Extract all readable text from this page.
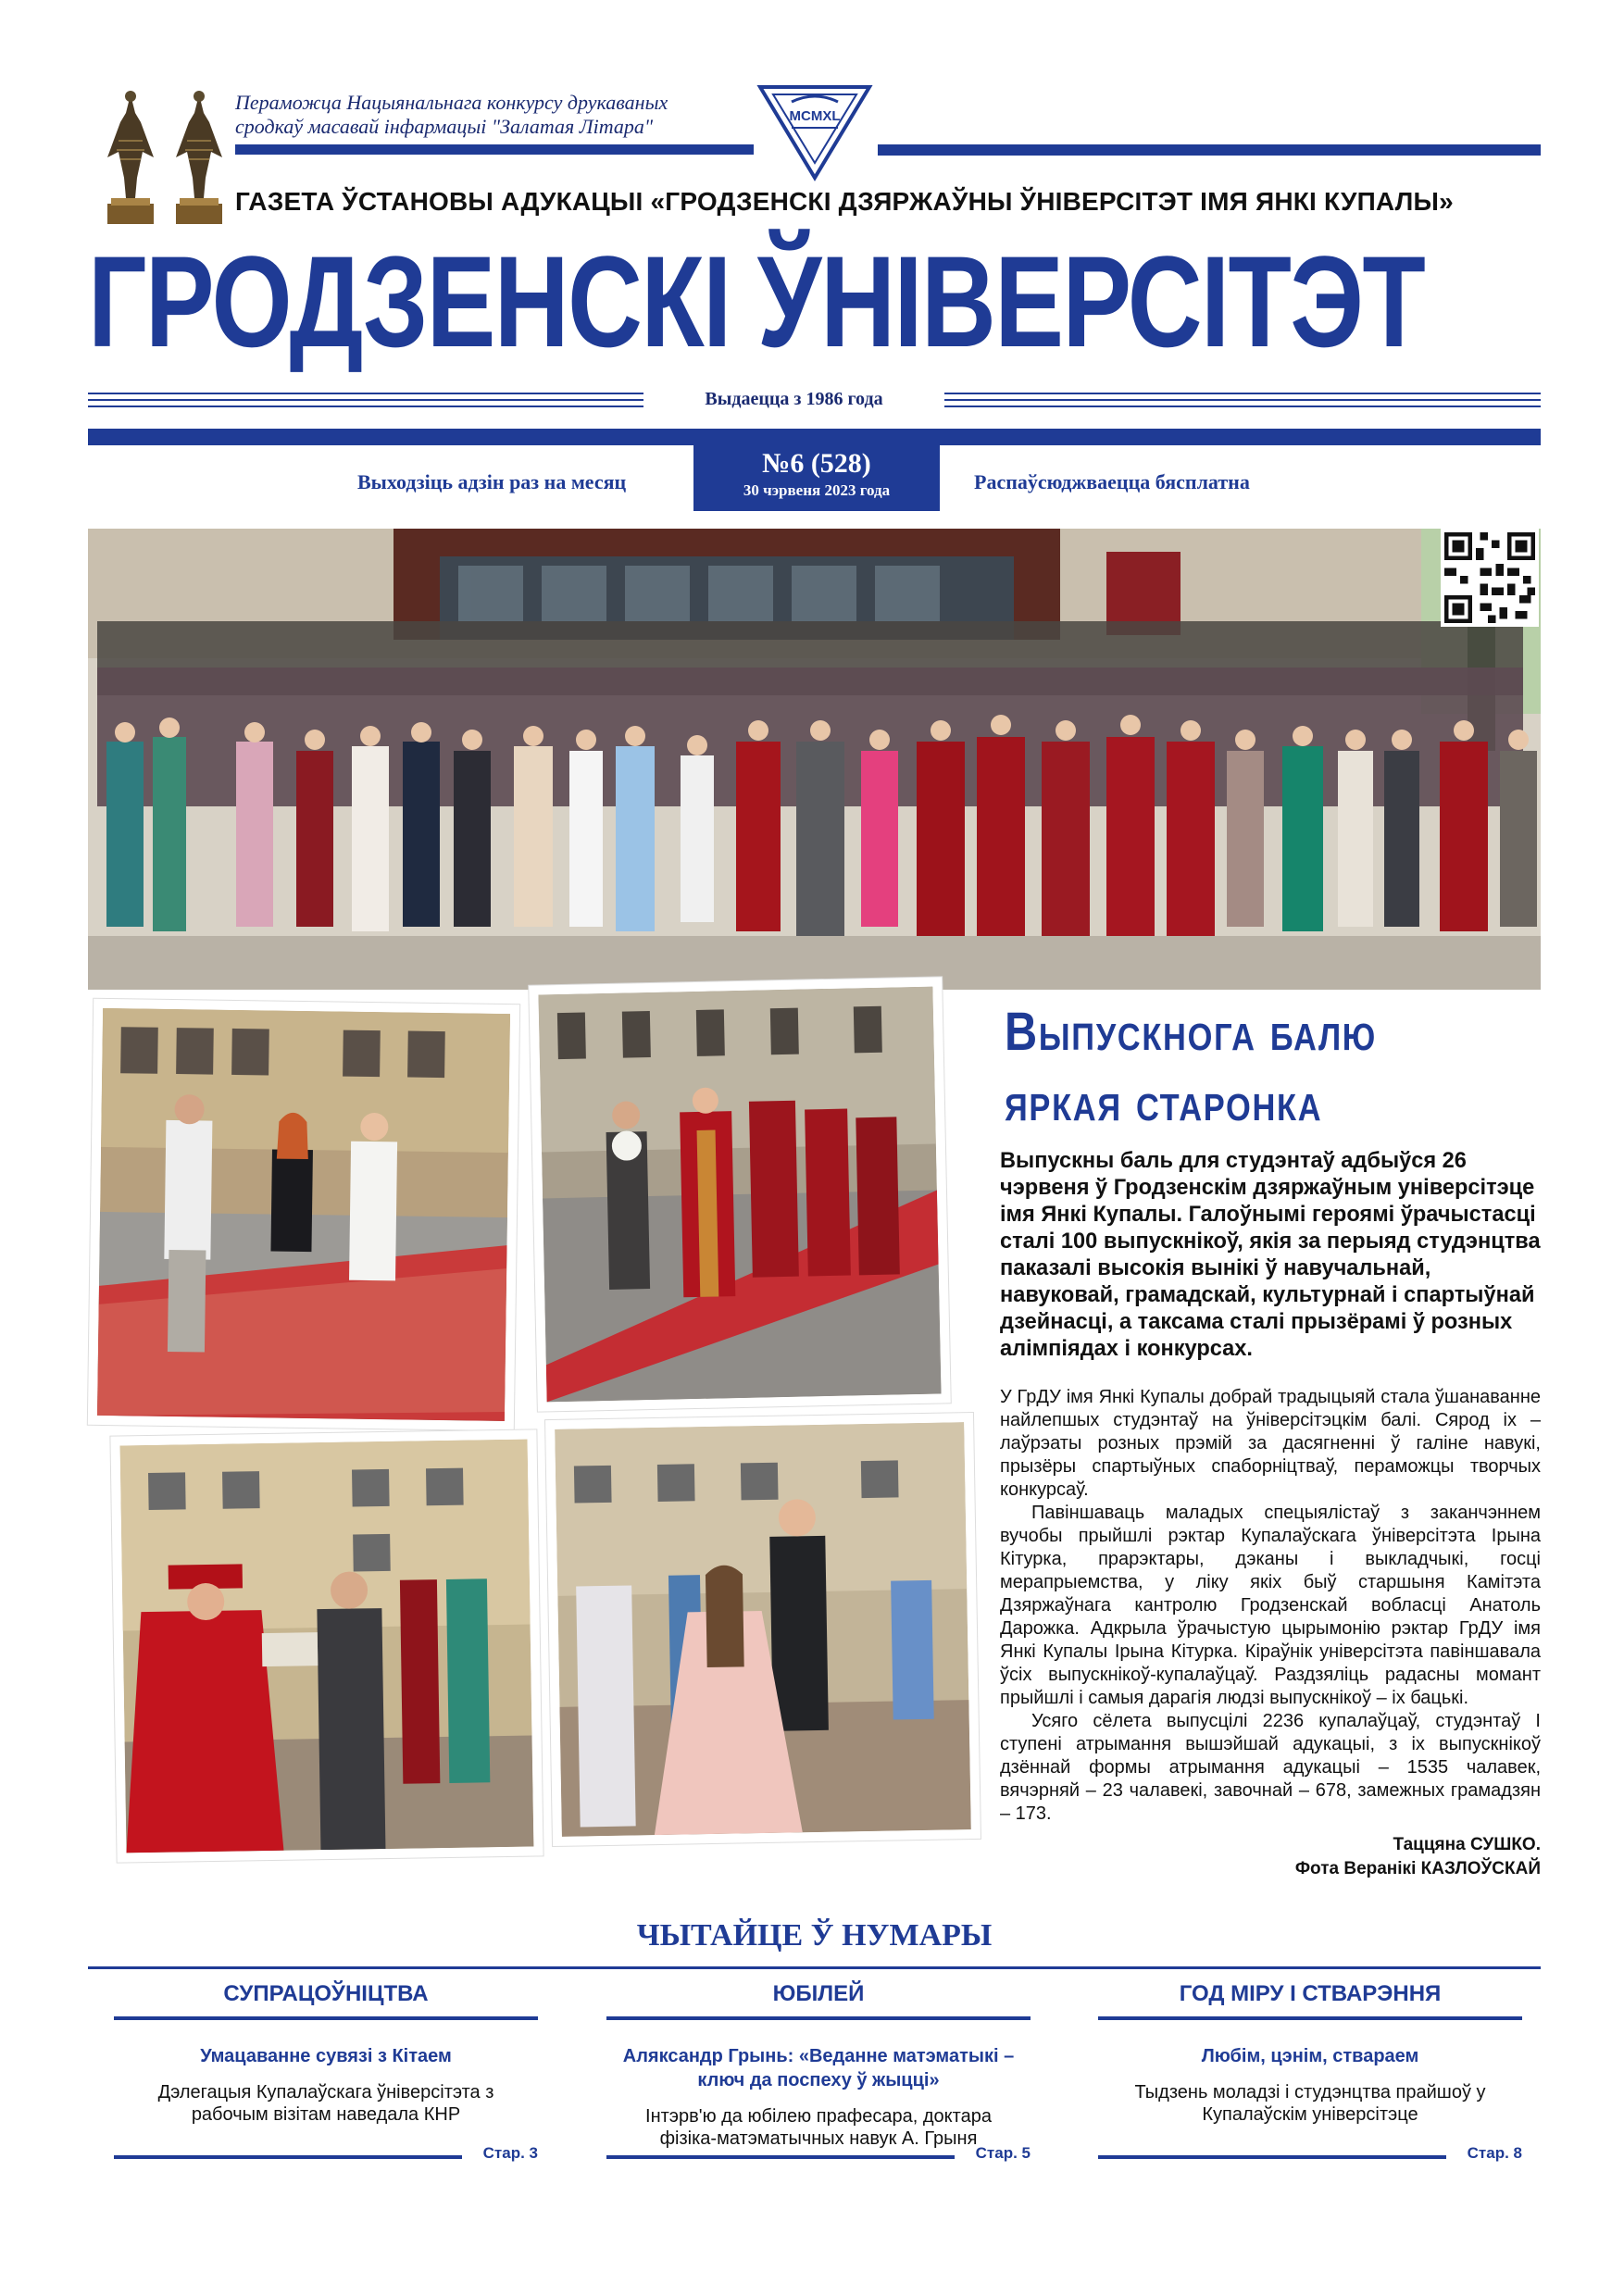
Пераможца Нацыянальнага конкурсу друкаваных
сродкаў масавай інфармацыі "Залатая Літара"	MCMXL
ГАЗЕТА ЎСТАНОВЫ АДУКАЦЫІ «ГРОДЗЕНСКІ ДЗЯРЖАЎНЫ ЎНІВЕРСІТЭТ ІМЯ ЯНКІ КУПАЛЫ»
ГРОДЗЕНСКІ ЎНІВЕРСІТЭТ
Выдаецца з 1986 года
№6 (528)
30 чэрвеня 2023 года
Выходзіць адзін раз на месяц	Распаўсюджваецца бясплатна
Выпускнога балю
яркая старонка
Выпускны баль для студэнтаў адбыўся 26 чэрвеня ў Гродзенскім дзяржаўным універсітэце імя Янкі Купалы. Галоўнымі героямі ўрачыстасці сталі 100 выпускнікоў, якія за перыяд студэнцтва паказалі высокія вынікі ў навучальнай, навуковай, грамадскай, культурнай і спартыўнай дзейнасці, а таксама сталі прызёрамі ў розных алімпіядах і конкурсах.

У ГрДУ імя Янкі Купалы добрай традыцыяй стала ўшанаванне найлепшых студэнтаў на ўніверсітэцкім балі. Сярод іх – лаўрэаты розных прэмій за дасягненні ў галіне навукі, прызёры спартыўных спаборніцтваў, пераможцы творчых конкурсаў.

Павіншаваць маладых спецыялістаў з заканчэннем вучобы прыйшлі рэктар Купалаўскага ўніверсітэта Ірына Кітурка, прарэктары, дэканы і выкладчыкі, госці мерапрыемства, у ліку якіх быў старшыня Камітэта Дзяржаўнага кантролю Гродзенскай вобласці Анатоль Дарожка. Адкрыла ўрачыстую цырымонію рэктар ГрДУ імя Янкі Купалы Ірына Кітурка. Кіраўнік універсітэта павіншавала ўсіх выпускнікоў-купалаўцаў. Раздзяліць радасны момант прыйшлі і самыя дарагія людзі выпускнікоў – іх бацькі.

Усяго сёлета выпусцілі 2236 купалаўцаў, студэнтаў І ступені атрымання вышэйшай адукацыі, з іх выпускнікоў дзённай формы атрымання адукацыі – 1535 чалавек, вячэрняй – 23 чалавекі, завочнай – 678, замежных грамадзян – 173.

Таццяна СУШКО.
Фота Веранікі КАЗЛОЎСКАЙ
ЧЫТАЙЦЕ Ў НУМАРЫ
СУПРАЦОЎНІЦТВА
Умацаванне сувязі з Кітаем
Дэлегацыя Купалаўскага ўніверсітэта з рабочым візітам наведала КНР
ЮБІЛЕЙ
Аляксандр Грынь: «Веданне матэматыкі – ключ да поспеху ў жыцці»
Інтэрв'ю да юбілею прафесара, доктара фізіка-матэматычных навук А. Грыня
ГОД МІРУ І СТВАРЭННЯ
Любім, цэнім, ствараем
Тыдзень моладзі і студэнцтва прайшоў у Купалаўскім універсітэце
Стар. 3	Стар. 5	Стар. 8
